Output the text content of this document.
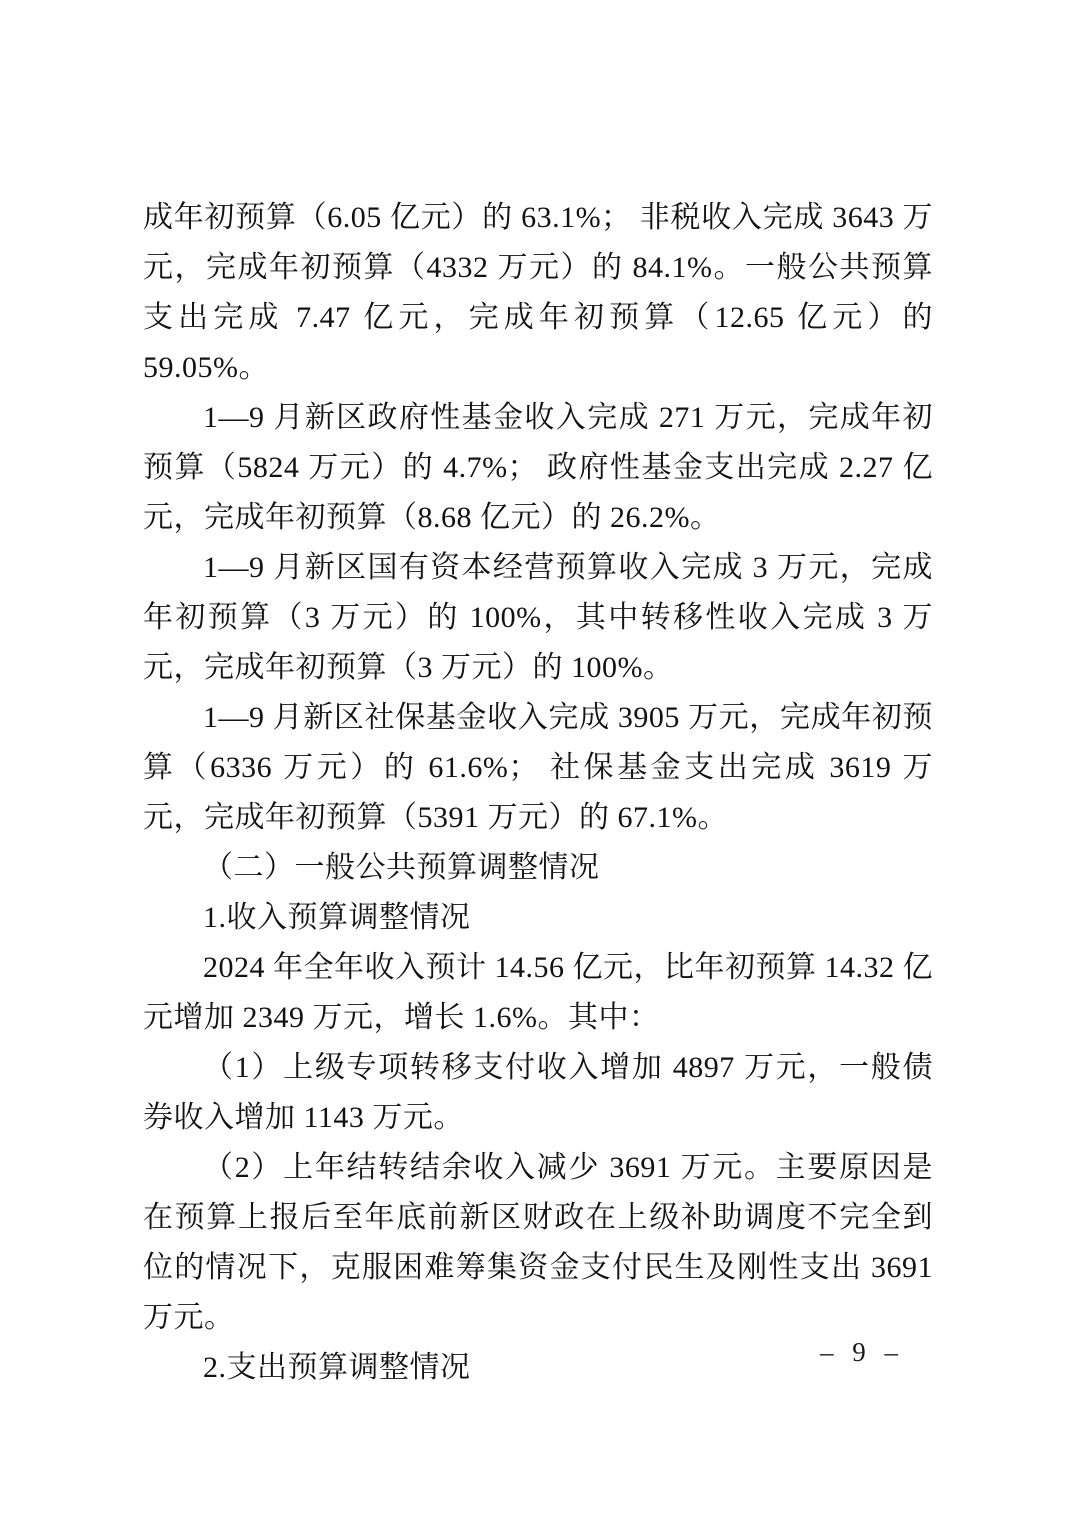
成年初预算（6.05 亿元）的 63.1%； 非税收入完成 3643 万元，完成年初预算（4332 万元）的 84.1%。一般公共预算支出完成 7.47 亿元，完成年初预算（12.65 亿元）的 59.05%。

1—9 月新区政府性基金收入完成 271 万元，完成年初预算（5824 万元）的 4.7%； 政府性基金支出完成 2.27 亿元，完成年初预算（8.68 亿元）的 26.2%。

1—9 月新区国有资本经营预算收入完成 3 万元，完成年初预算（3 万元）的 100%，其中转移性收入完成 3 万元，完成年初预算（3 万元）的 100%。

1—9 月新区社保基金收入完成 3905 万元，完成年初预算（6336 万元）的 61.6%； 社保基金支出完成 3619 万元，完成年初预算（5391 万元）的 67.1%。

（二）一般公共预算调整情况

1.收入预算调整情况

2024 年全年收入预计 14.56 亿元，比年初预算 14.32 亿元增加 2349 万元，增长 1.6%。其中：

（1）上级专项转移支付收入增加 4897 万元，一般债券收入增加 1143 万元。

（2）上年结转结余收入减少 3691 万元。主要原因是在预算上报后至年底前新区财政在上级补助调度不完全到位的情况下，克服困难筹集资金支付民生及刚性支出 3691 万元。

2.支出预算调整情况	– 9 –
